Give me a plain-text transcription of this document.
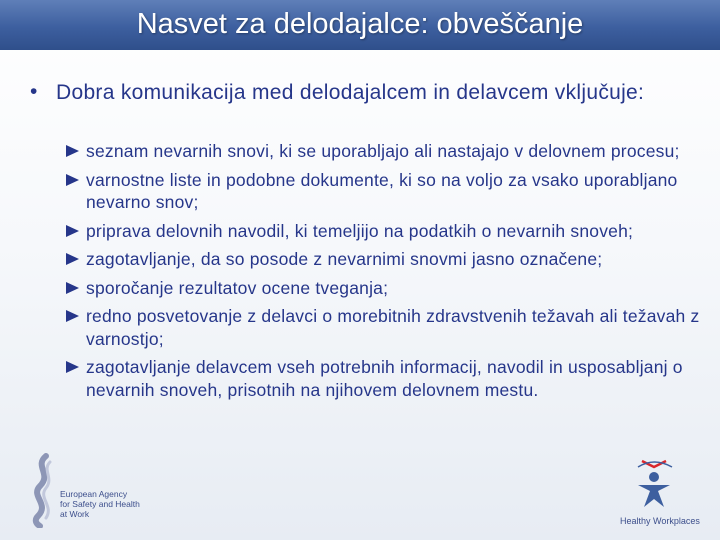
Nasvet za delodajalce: obveščanje
• Dobra komunikacija med delodajalcem in delavcem vključuje:
seznam nevarnih snovi, ki se uporabljajo ali nastajajo v delovnem procesu;
varnostne liste in podobne dokumente, ki so na voljo za vsako uporabljano nevarno snov;
priprava delovnih navodil, ki temeljijo na podatkih o nevarnih snoveh;
zagotavljanje, da so posode z nevarnimi snovmi jasno označene;
sporočanje rezultatov ocene tveganja;
redno posvetovanje z delavci o morebitnih zdravstvenih težavah ali težavah z varnostjo;
zagotavljanje delavcem vseh potrebnih informacij, navodil in usposabljanj o nevarnih snoveh, prisotnih na njihovem delovnem mestu.
European Agency
for Safety and Health
at Work
Healthy Workplaces
